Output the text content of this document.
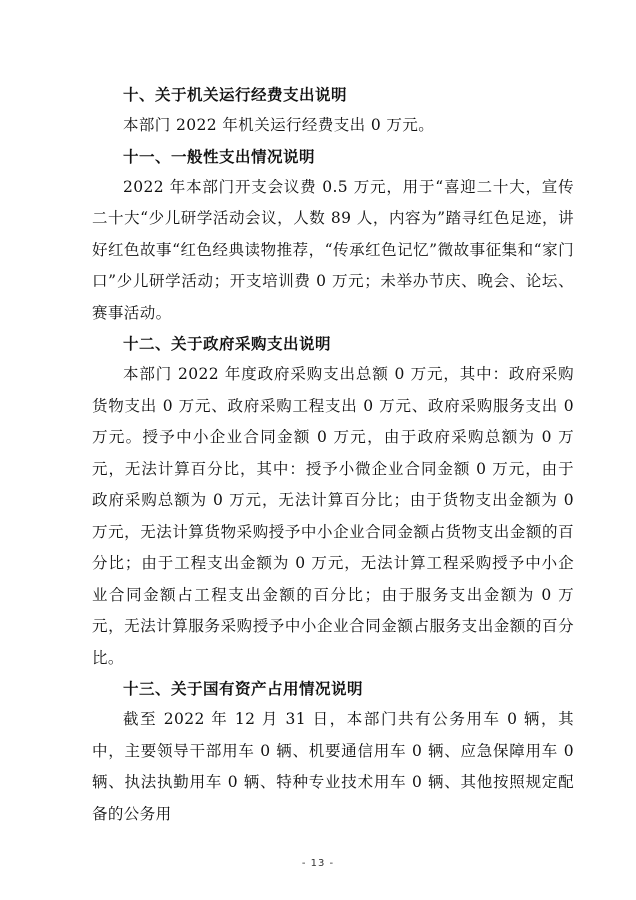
十、关于机关运行经费支出说明

本部门 2022 年机关运行经费支出 0 万元。

十一、一般性支出情况说明

2022 年本部门开支会议费 0.5 万元，用于“喜迎二十大，宣传二十大“少儿研学活动会议，人数 89 人，内容为”踏寻红色足迹，讲好红色故事“红色经典读物推荐，“传承红色记忆”微故事征集和“家门口”少儿研学活动；开支培训费 0 万元；未举办节庆、晚会、论坛、赛事活动。

十二、关于政府采购支出说明

本部门 2022 年度政府采购支出总额 0 万元，其中：政府采购货物支出 0 万元、政府采购工程支出 0 万元、政府采购服务支出 0 万元。授予中小企业合同金额 0 万元，由于政府采购总额为 0 万元，无法计算百分比，其中：授予小微企业合同金额 0 万元，由于政府采购总额为 0 万元，无法计算百分比；由于货物支出金额为 0 万元，无法计算货物采购授予中小企业合同金额占货物支出金额的百分比；由于工程支出金额为 0 万元，无法计算工程采购授予中小企业合同金额占工程支出金额的百分比；由于服务支出金额为 0 万元，无法计算服务采购授予中小企业合同金额占服务支出金额的百分比。

十三、关于国有资产占用情况说明

截至 2022 年 12 月 31 日，本部门共有公务用车 0 辆，其中，主要领导干部用车 0 辆、机要通信用车 0 辆、应急保障用车 0 辆、执法执勤用车 0 辆、特种专业技术用车 0 辆、其他按照规定配备的公务用

- 13 -
